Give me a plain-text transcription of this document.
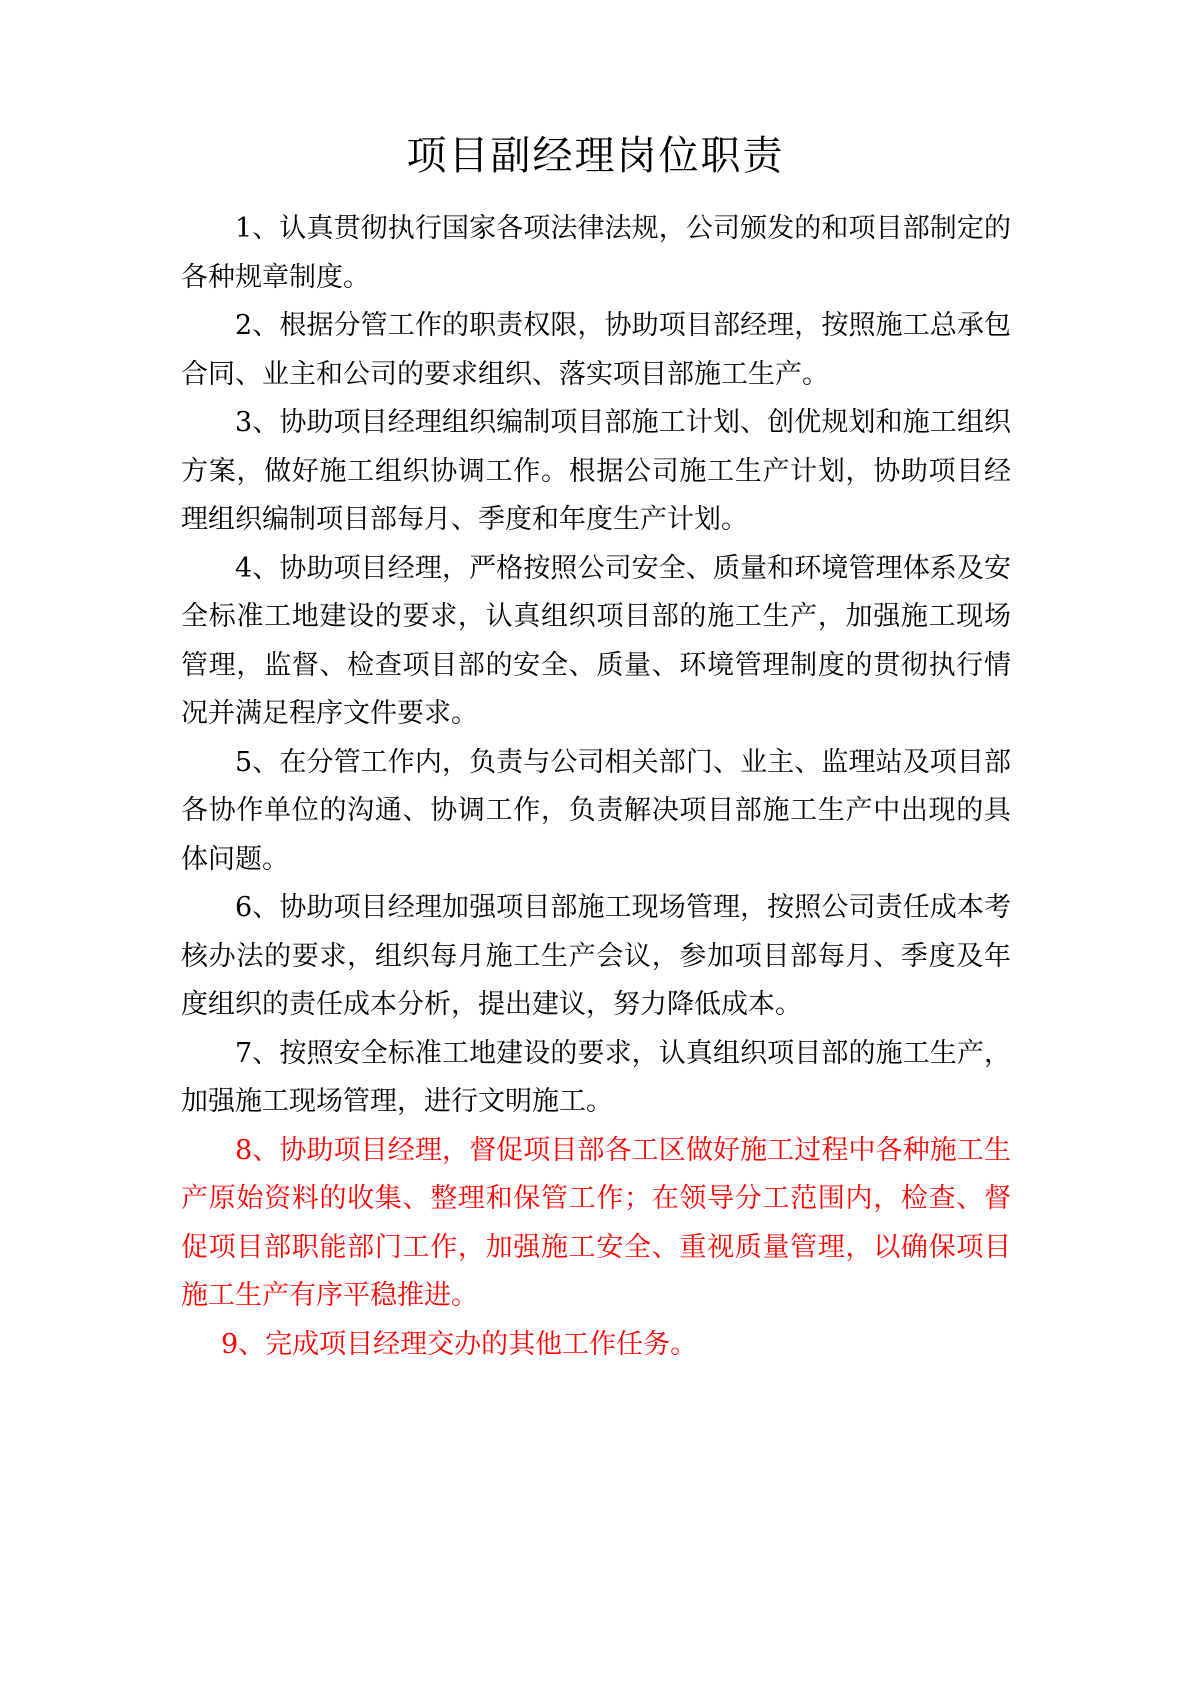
项目副经理岗位职责

1、认真贯彻执行国家各项法律法规，公司颁发的和项目部制定的各种规章制度。

2、根据分管工作的职责权限，协助项目部经理，按照施工总承包合同、业主和公司的要求组织、落实项目部施工生产。

3、协助项目经理组织编制项目部施工计划、创优规划和施工组织方案，做好施工组织协调工作。根据公司施工生产计划，协助项目经理组织编制项目部每月、季度和年度生产计划。

4、协助项目经理，严格按照公司安全、质量和环境管理体系及安全标准工地建设的要求，认真组织项目部的施工生产，加强施工现场管理，监督、检查项目部的安全、质量、环境管理制度的贯彻执行情况并满足程序文件要求。

5、在分管工作内，负责与公司相关部门、业主、监理站及项目部各协作单位的沟通、协调工作，负责解决项目部施工生产中出现的具体问题。

6、协助项目经理加强项目部施工现场管理，按照公司责任成本考核办法的要求，组织每月施工生产会议，参加项目部每月、季度及年度组织的责任成本分析，提出建议，努力降低成本。

7、按照安全标准工地建设的要求，认真组织项目部的施工生产，加强施工现场管理，进行文明施工。

8、协助项目经理，督促项目部各工区做好施工过程中各种施工生产原始资料的收集、整理和保管工作；在领导分工范围内，检查、督促项目部职能部门工作，加强施工安全、重视质量管理，以确保项目施工生产有序平稳推进。

9、完成项目经理交办的其他工作任务。
